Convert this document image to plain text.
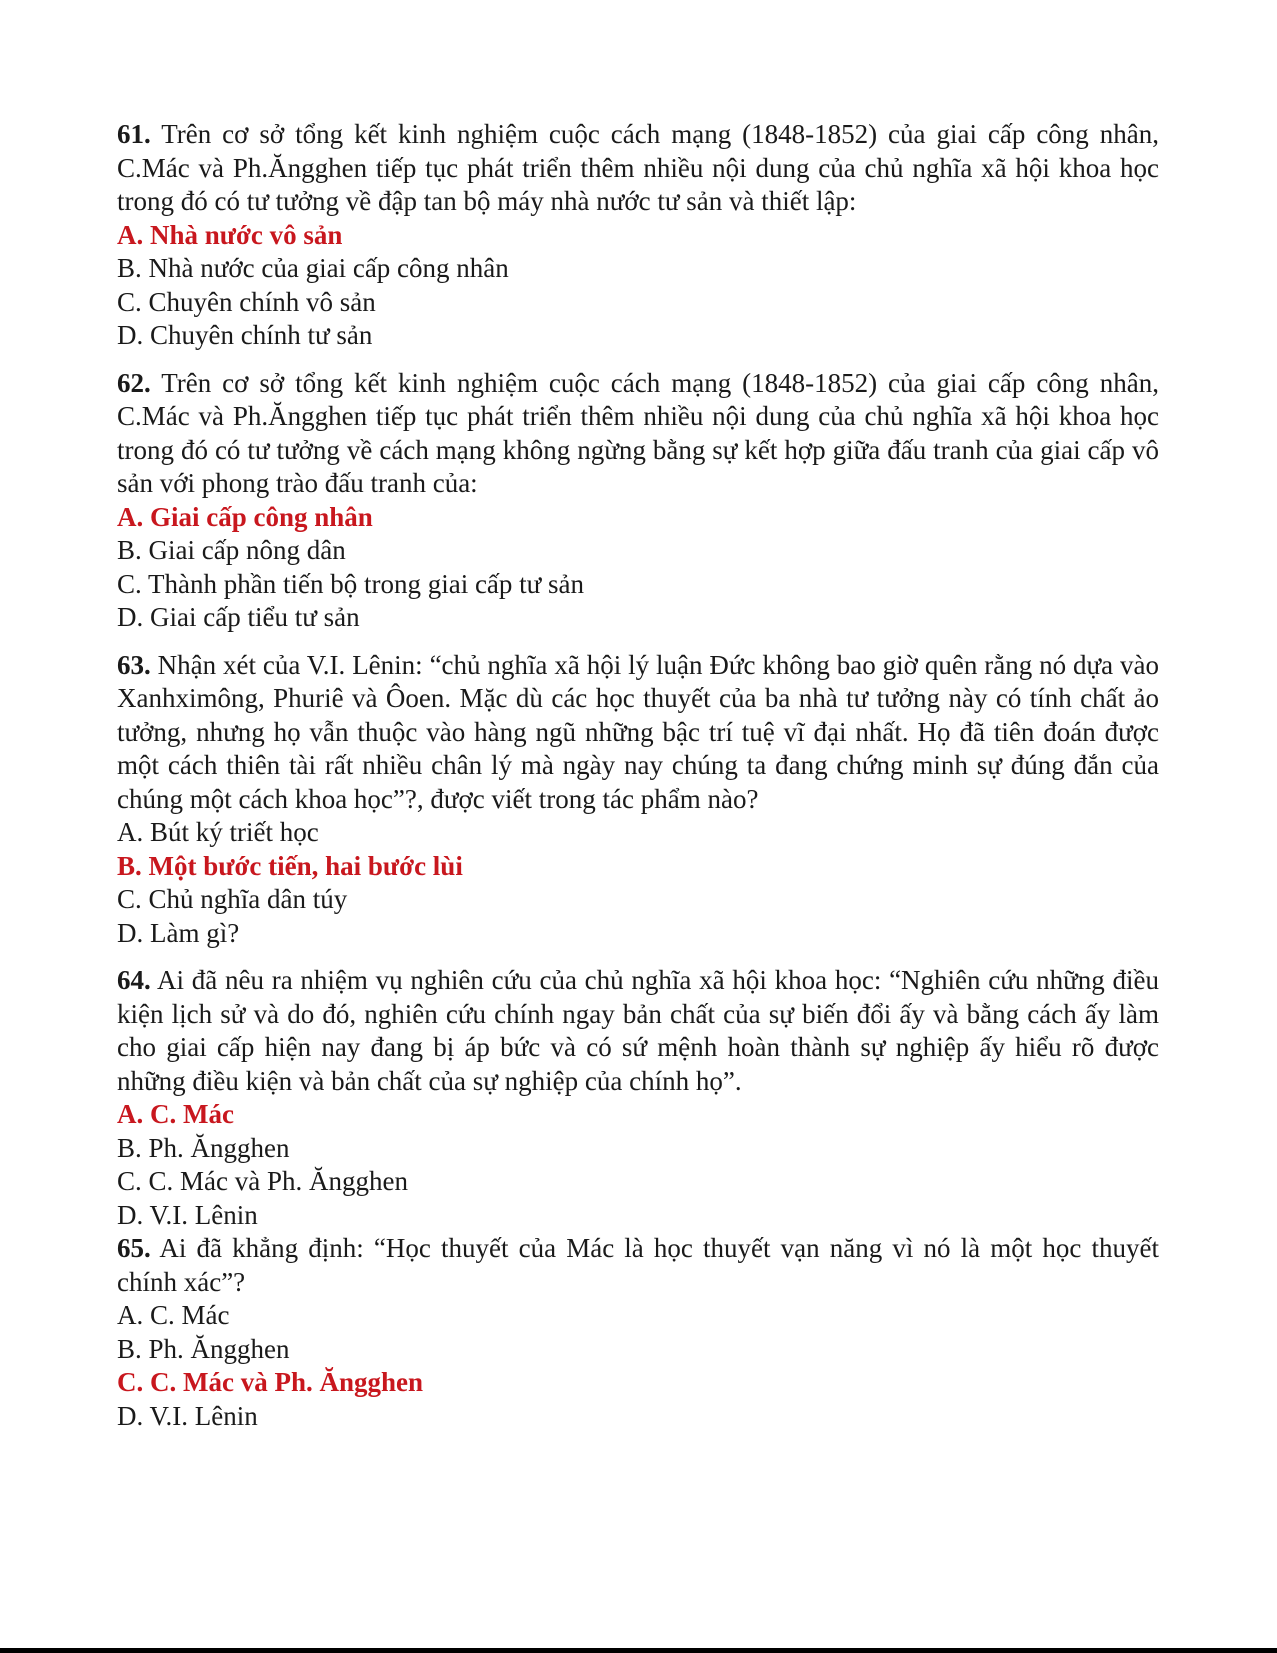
61. Trên cơ sở tổng kết kinh nghiệm cuộc cách mạng (1848-1852) của giai cấp công nhân, C.Mác và Ph.Ăngghen tiếp tục phát triển thêm nhiều nội dung của chủ nghĩa xã hội khoa học trong đó có tư tưởng về đập tan bộ máy nhà nước tư sản và thiết lập:

A. Nhà nước vô sản
B. Nhà nước của giai cấp công nhân
C. Chuyên chính vô sản
D. Chuyên chính tư sản

62. Trên cơ sở tổng kết kinh nghiệm cuộc cách mạng (1848-1852) của giai cấp công nhân, C.Mác và Ph.Ăngghen tiếp tục phát triển thêm nhiều nội dung của chủ nghĩa xã hội khoa học trong đó có tư tưởng về cách mạng không ngừng bằng sự kết hợp giữa đấu tranh của giai cấp vô sản với phong trào đấu tranh của:

A. Giai cấp công nhân
B. Giai cấp nông dân
C. Thành phần tiến bộ trong giai cấp tư sản
D. Giai cấp tiểu tư sản

63. Nhận xét của V.I. Lênin: “chủ nghĩa xã hội lý luận Đức không bao giờ quên rằng nó dựa vào Xanhximông, Phuriê và Ôoen. Mặc dù các học thuyết của ba nhà tư tưởng này có tính chất ảo tưởng, nhưng họ vẫn thuộc vào hàng ngũ những bậc trí tuệ vĩ đại nhất. Họ đã tiên đoán được một cách thiên tài rất nhiều chân lý mà ngày nay chúng ta đang chứng minh sự đúng đắn của chúng một cách khoa học”?, được viết trong tác phẩm nào?

A. Bút ký triết học
B. Một bước tiến, hai bước lùi
C. Chủ nghĩa dân túy
D. Làm gì?

64. Ai đã nêu ra nhiệm vụ nghiên cứu của chủ nghĩa xã hội khoa học: “Nghiên cứu những điều kiện lịch sử và do đó, nghiên cứu chính ngay bản chất của sự biến đổi ấy và bằng cách ấy làm cho giai cấp hiện nay đang bị áp bức và có sứ mệnh hoàn thành sự nghiệp ấy hiểu rõ được những điều kiện và bản chất của sự nghiệp của chính họ”.

A. C. Mác
B. Ph. Ăngghen
C. C. Mác và Ph. Ăngghen
D. V.I. Lênin

65. Ai đã khẳng định: “Học thuyết của Mác là học thuyết vạn năng vì nó là một học thuyết chính xác”?

A. C. Mác
B. Ph. Ăngghen
C. C. Mác và Ph. Ăngghen
D. V.I. Lênin
